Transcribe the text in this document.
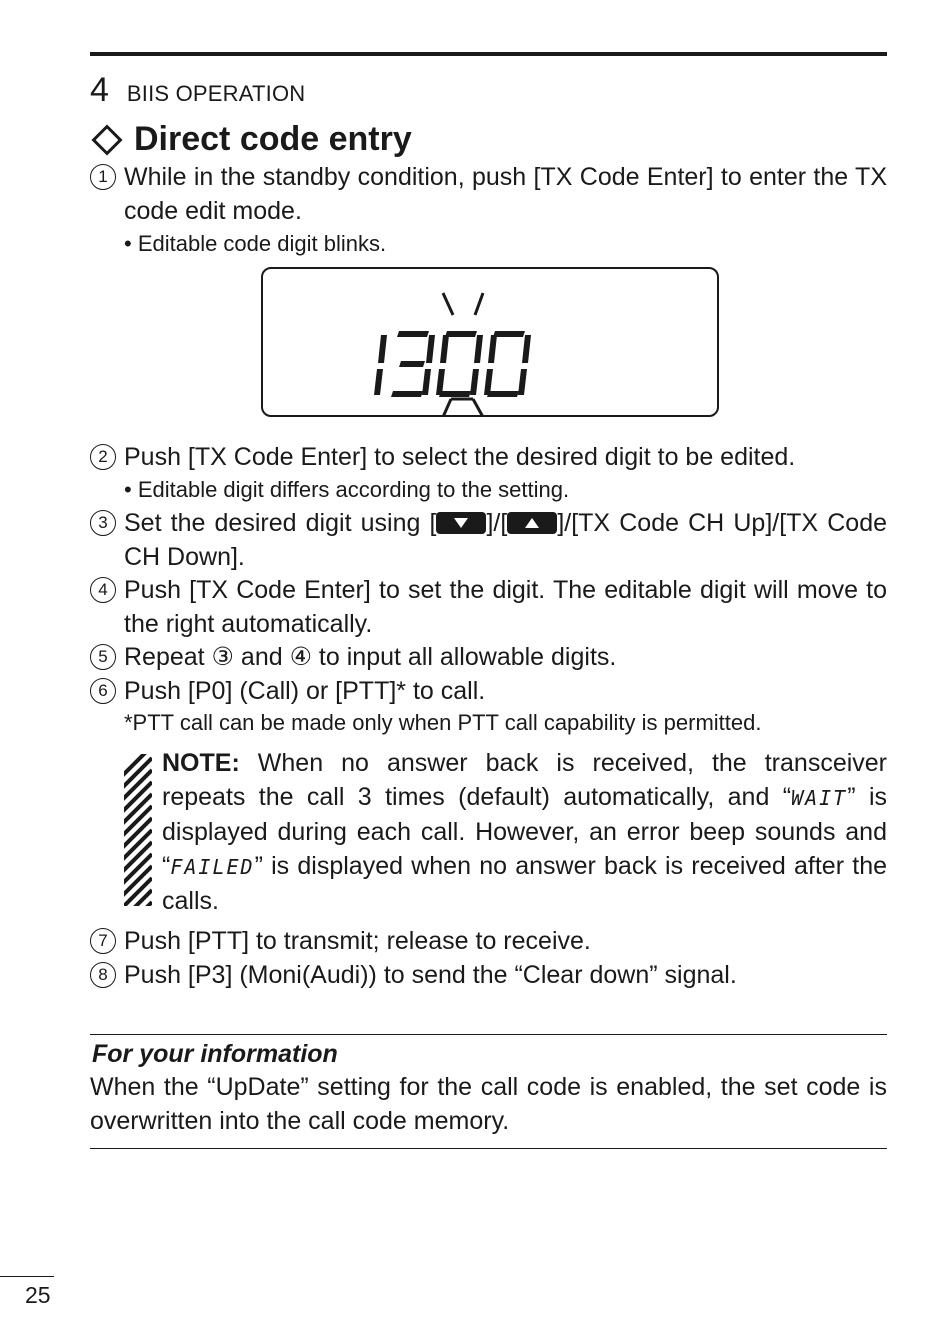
4 BIIS OPERATION
Direct code entry
1 While in the standby condition, push [TX Code Enter] to enter the TX code edit mode.
• Editable code digit blinks.
2 Push [TX Code Enter] to select the desired digit to be edited.
• Editable digit differs according to the setting.
3 Set the desired digit using [ ]/[ ]/[TX Code CH Up]/[TX Code CH Down].
4 Push [TX Code Enter] to set the digit. The editable digit will move to the right automatically.
5 Repeat ③ and ④ to input all allowable digits.
6 Push [P0] (Call) or [PTT]* to call.
*PTT call can be made only when PTT call capability is permitted.
NOTE: When no answer back is received, the transceiver repeats the call 3 times (default) automatically, and “WAIT” is displayed during each call. However, an error beep sounds and “FAILED” is displayed when no answer back is received after the calls.
7 Push [PTT] to transmit; release to receive.
8 Push [P3] (Moni(Audi)) to send the “Clear down” signal.
For your information
When the “UpDate” setting for the call code is enabled, the set code is overwritten into the call code memory.
25
